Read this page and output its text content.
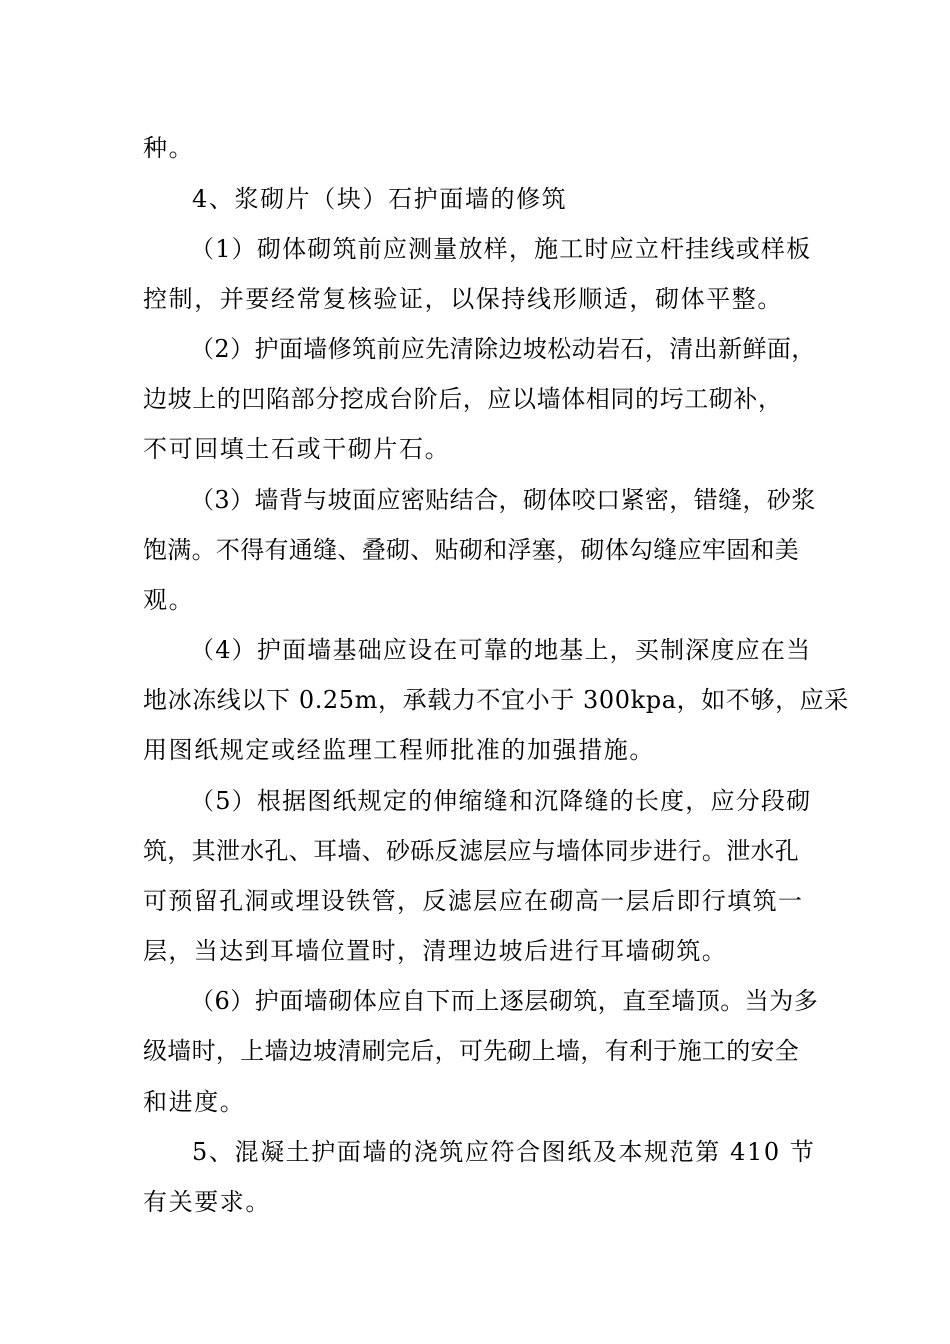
种。
4、浆砌片（块）石护面墙的修筑
（1）砌体砌筑前应测量放样，施工时应立杆挂线或样板
控制，并要经常复核验证，以保持线形顺适，砌体平整。
（2）护面墙修筑前应先清除边坡松动岩石，清出新鲜面，
边坡上的凹陷部分挖成台阶后，应以墙体相同的圬工砌补，
不可回填土石或干砌片石。
（3）墙背与坡面应密贴结合，砌体咬口紧密，错缝，砂浆
饱满。不得有通缝、叠砌、贴砌和浮塞，砌体勾缝应牢固和美
观。
（4）护面墙基础应设在可靠的地基上，买制深度应在当
地冰冻线以下 0.25m，承载力不宜小于 300kpa，如不够，应采
用图纸规定或经监理工程师批准的加强措施。
（5）根据图纸规定的伸缩缝和沉降缝的长度，应分段砌
筑，其泄水孔、耳墙、砂砾反滤层应与墙体同步进行。泄水孔
可预留孔洞或埋设铁管，反滤层应在砌高一层后即行填筑一
层，当达到耳墙位置时，清理边坡后进行耳墙砌筑。
（6）护面墙砌体应自下而上逐层砌筑，直至墙顶。当为多
级墙时，上墙边坡清刷完后，可先砌上墙，有利于施工的安全
和进度。
5、混凝土护面墙的浇筑应符合图纸及本规范第 410 节
有关要求。
